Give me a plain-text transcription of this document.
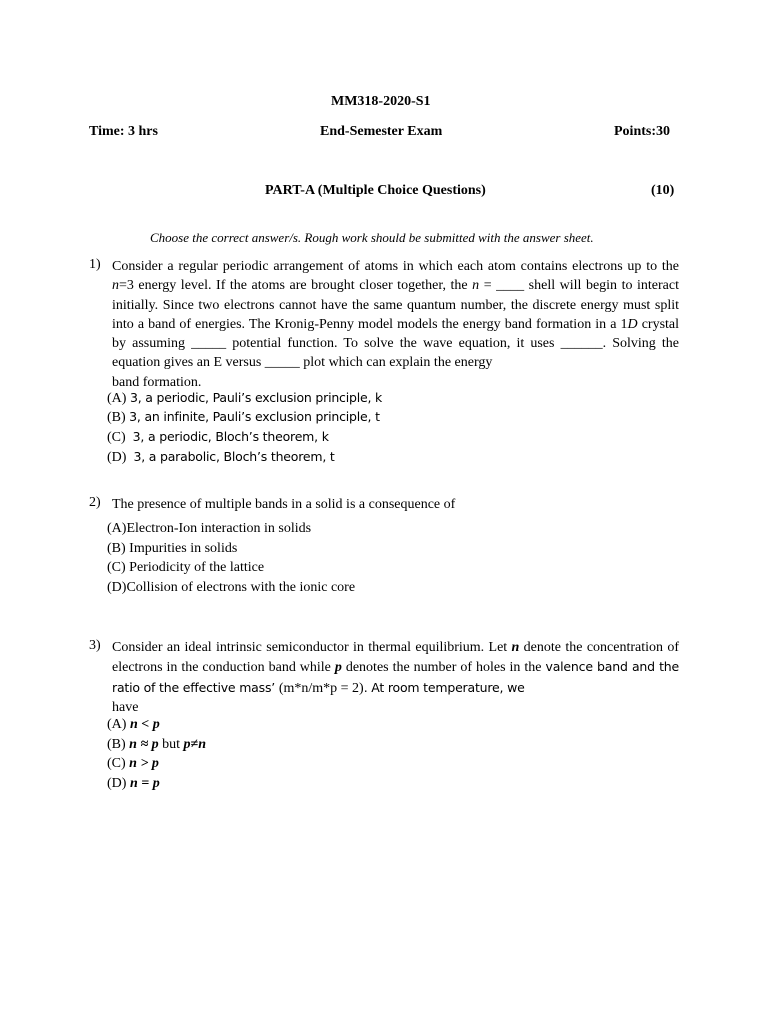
MM318-2020-S1
Time: 3 hrs	End-Semester Exam	Points:30
PART-A (Multiple Choice Questions)	(10)
Choose the correct answer/s. Rough work should be submitted with the answer sheet.
1) Consider a regular periodic arrangement of atoms in which each atom contains electrons up to the n=3 energy level. If the atoms are brought closer together, the n = ____ shell will begin to interact initially. Since two electrons cannot have the same quantum number, the discrete energy must split into a band of energies. The Kronig-Penny model models the energy band formation in a 1D crystal by assuming _____ potential function. To solve the wave equation, it uses ______. Solving the equation gives an E versus _____ plot which can explain the energy
band formation.
(A) 3, a periodic, Pauli’s exclusion principle, k
(B) 3, an infinite, Pauli’s exclusion principle, t
(C) 3, a periodic, Bloch’s theorem, k
(D) 3, a parabolic, Bloch’s theorem, t
2) The presence of multiple bands in a solid is a consequence of
(A)Electron-Ion interaction in solids
(B) Impurities in solids
(C) Periodicity of the lattice
(D)Collision of electrons with the ionic core
3) Consider an ideal intrinsic semiconductor in thermal equilibrium. Let n denote the concentration of electrons in the conduction band while p denotes the number of holes in the valence band and the ratio of the effective mass’ (m*n/m*p = 2). At room temperature, we
have
(A) n < p
(B) n ≈ p but p≠n
(C) n > p
(D) n = p
